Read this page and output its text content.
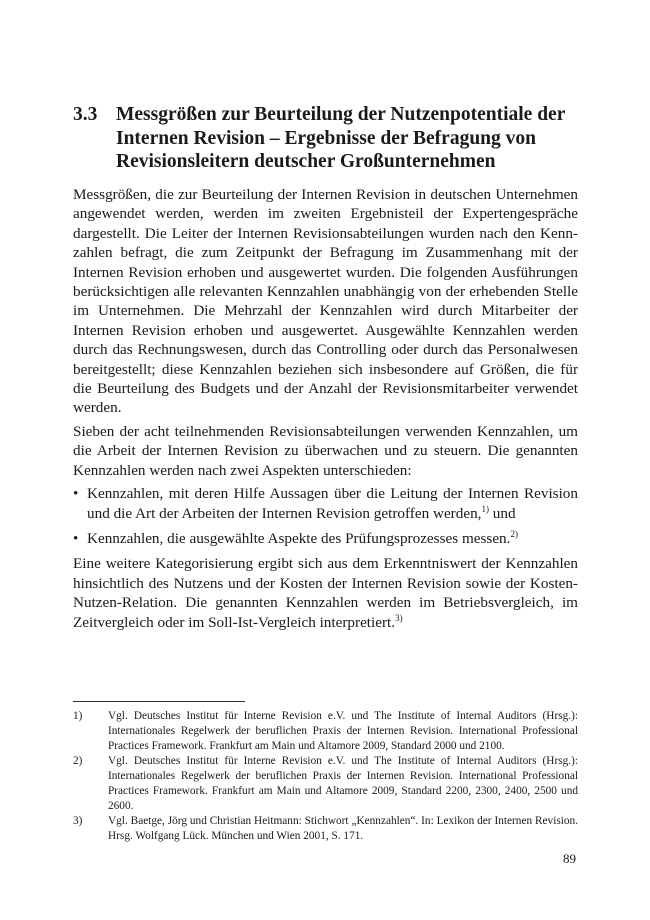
3.3 Messgrößen zur Beurteilung der Nutzenpotentiale der Internen Revision – Ergebnisse der Befragung von Revisionsleitern deutscher Großunternehmen

Messgrößen, die zur Beurteilung der Internen Revision in deutschen Unternehmen angewendet werden, werden im zweiten Ergebnisteil der Expertengespräche dargestellt. Die Leiter der Internen Revisionsabteilungen wurden nach den Kenn-zahlen befragt, die zum Zeitpunkt der Befragung im Zusammenhang mit der Internen Revision erhoben und ausgewertet wurden. Die folgenden Ausführungen berücksichtigen alle relevanten Kennzahlen unabhängig von der erhebenden Stelle im Unternehmen. Die Mehrzahl der Kennzahlen wird durch Mitarbeiter der Internen Revision erhoben und ausgewertet. Ausgewählte Kennzahlen werden durch das Rechnungswesen, durch das Controlling oder durch das Personalwesen bereitgestellt; diese Kennzahlen beziehen sich insbesondere auf Größen, die für die Beurteilung des Budgets und der Anzahl der Revisionsmitarbeiter verwendet werden.

Sieben der acht teilnehmenden Revisionsabteilungen verwenden Kennzahlen, um die Arbeit der Internen Revision zu überwachen und zu steuern. Die genannten Kennzahlen werden nach zwei Aspekten unterschieden:

• Kennzahlen, mit deren Hilfe Aussagen über die Leitung der Internen Revision und die Art der Arbeiten der Internen Revision getroffen werden,$^{1)}$ und
• Kennzahlen, die ausgewählte Aspekte des Prüfungsprozesses messen.$^{2)}$

Eine weitere Kategorisierung ergibt sich aus dem Erkenntniswert der Kennzahlen hinsichtlich des Nutzens und der Kosten der Internen Revision sowie der Kosten-Nutzen-Relation. Die genannten Kennzahlen werden im Betriebsvergleich, im Zeitvergleich oder im Soll-Ist-Vergleich interpretiert.$^{3)}$

1) Vgl. Deutsches Institut für Interne Revision e.V. und The Institute of Internal Auditors (Hrsg.): Internationales Regelwerk der beruflichen Praxis der Internen Revision. International Professional Practices Framework. Frankfurt am Main und Altamore 2009, Standard 2000 und 2100.
2) Vgl. Deutsches Institut für Interne Revision e.V. und The Institute of Internal Auditors (Hrsg.): Internationales Regelwerk der beruflichen Praxis der Internen Revision. International Professional Practices Framework. Frankfurt am Main und Altamore 2009, Standard 2200, 2300, 2400, 2500 und 2600.
3) Vgl. Baetge, Jörg und Christian Heitmann: Stichwort „Kennzahlen“. In: Lexikon der Internen Revision. Hrsg. Wolfgang Lück. München und Wien 2001, S. 171.
89
